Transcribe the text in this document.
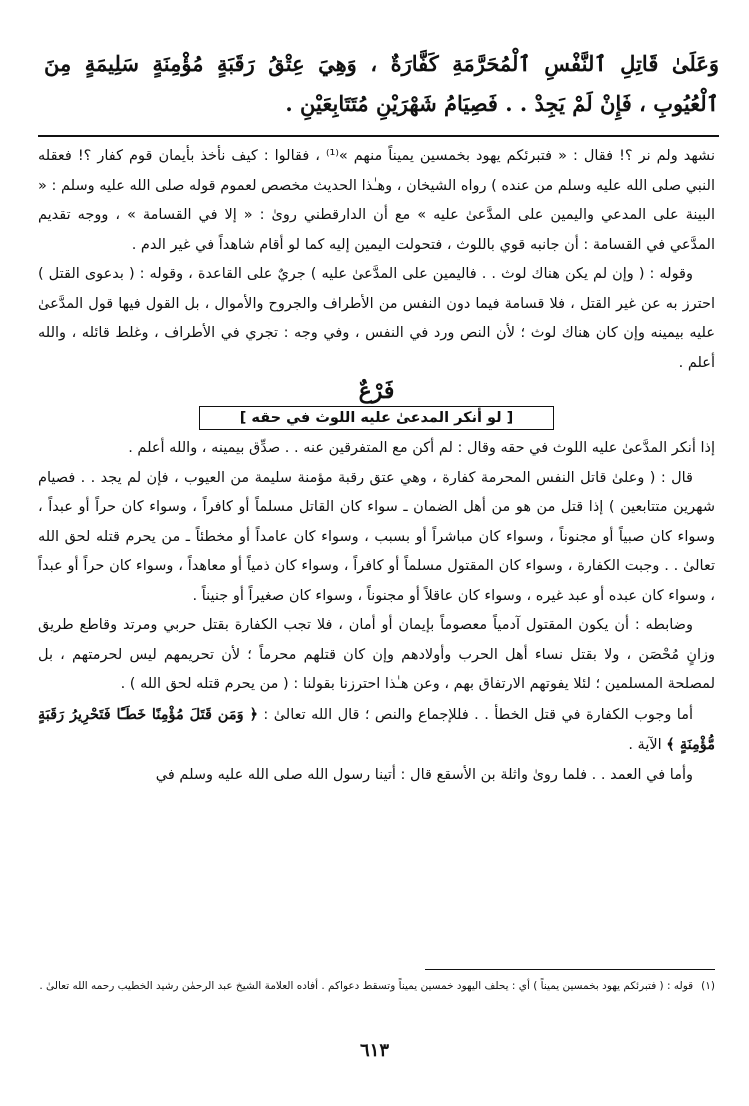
وَعَلَىٰ قَاتِلِ ٱلنَّفْسِ ٱلْمُحَرَّمَةِ كَفَّارَةٌ ، وَهِيَ عِتْقُ رَقَبَةٍ مُؤْمِنَةٍ سَلِيمَةٍ مِنَ ٱلْعُيُوبِ ، فَإِنْ لَمْ يَجِدْ . . فَصِيَامُ شَهْرَيْنِ مُتَتَابِعَيْنِ .

نشهد ولم نر ؟! فقال : « فتبرئكم يهود بخمسين يميناً منهم »⁽¹⁾ ، فقالوا : كيف نأخذ بأيمان قوم كفار ؟! فعقله النبي صلى الله عليه وسلم من عنده ) رواه الشيخان ، وهـٰذا الحديث مخصص لعموم قوله صلى الله عليه وسلم : « البينة على المدعي واليمين على المدَّعىٰ عليه » مع أن الدارقطني روىٰ : « إلا في القسامة » ، ووجه تقديم المدَّعي في القسامة : أن جانبه قوي باللوث ، فتحولت اليمين إليه كما لو أقام شاهداً في غير الدم .

وقوله : ( وإن لم يكن هناك لوث . . فاليمين على المدَّعىٰ عليه ) جريٌ على القاعدة ، وقوله : ( بدعوى القتل ) احترز به عن غير القتل ، فلا قسامة فيما دون النفس من الأطراف والجروح والأموال ، بل القول فيها قول المدَّعىٰ عليه بيمينه وإن كان هناك لوث ؛ لأن النص ورد في النفس ، وفي وجه : تجري في الأطراف ، وغلط قائله ، والله أعلم .

فَرْعٌ
[ لو أنكر المدعىٰ عليه اللوث في حقه ]

إذا أنكر المدَّعىٰ عليه اللوث في حقه وقال : لم أكن مع المتفرقين عنه . . صدِّق بيمينه ، والله أعلم .

قال : ( وعلىٰ قاتل النفس المحرمة كفارة ، وهي عتق رقبة مؤمنة سليمة من العيوب ، فإن لم يجد . . فصيام شهرين متتابعين ) إذا قتل من هو من أهل الضمان ـ سواء كان القاتل مسلماً أو كافراً ، وسواء كان حراً أو عبداً ، وسواء كان صبياً أو مجنوناً ، وسواء كان مباشراً أو بسبب ، وسواء كان عامداً أو مخطئاً ـ من يحرم قتله لحق الله تعالىٰ . . وجبت الكفارة ، وسواء كان المقتول مسلماً أو كافراً ، وسواء كان ذمياً أو معاهداً ، وسواء كان حراً أو عبداً ، وسواء كان عبده أو عبد غيره ، وسواء كان عاقلاً أو مجنوناً ، وسواء كان صغيراً أو جنيناً .

وضابطه : أن يكون المقتول آدمياً معصوماً بإيمان أو أمان ، فلا تجب الكفارة بقتل حربي ومرتد وقاطع طريق وزانٍ مُحْصَن ، ولا بقتل نساء أهل الحرب وأولادهم وإن كان قتلهم محرماً ؛ لأن تحريمهم ليس لحرمتهم ، بل لمصلحة المسلمين ؛ لئلا يفوتهم الارتفاق بهم ، وعن هـٰذا احترزنا بقولنا : ( من يحرم قتله لحق الله ) .

أما وجوب الكفارة في قتل الخطأ . . فللإجماع والنص ؛ قال الله تعالىٰ : ﴿ وَمَن قَتَلَ مُؤْمِنًا خَطَـًٔا فَتَحْرِيرُ رَقَبَةٍ مُّؤْمِنَةٍ ﴾ الآية .

وأما في العمد . . فلما روىٰ واثلة بن الأسقع قال : أتينا رسول الله صلى الله عليه وسلم في

(١)قوله : ( فتبرئكم يهود بخمسين يميناً ) أي : يحلف اليهود خمسين يميناً وتسقط دعواكم . أفاده العلامة الشيخ عبد الرحمٰن رشيد الخطيب رحمه الله تعالىٰ .
٦١٣
